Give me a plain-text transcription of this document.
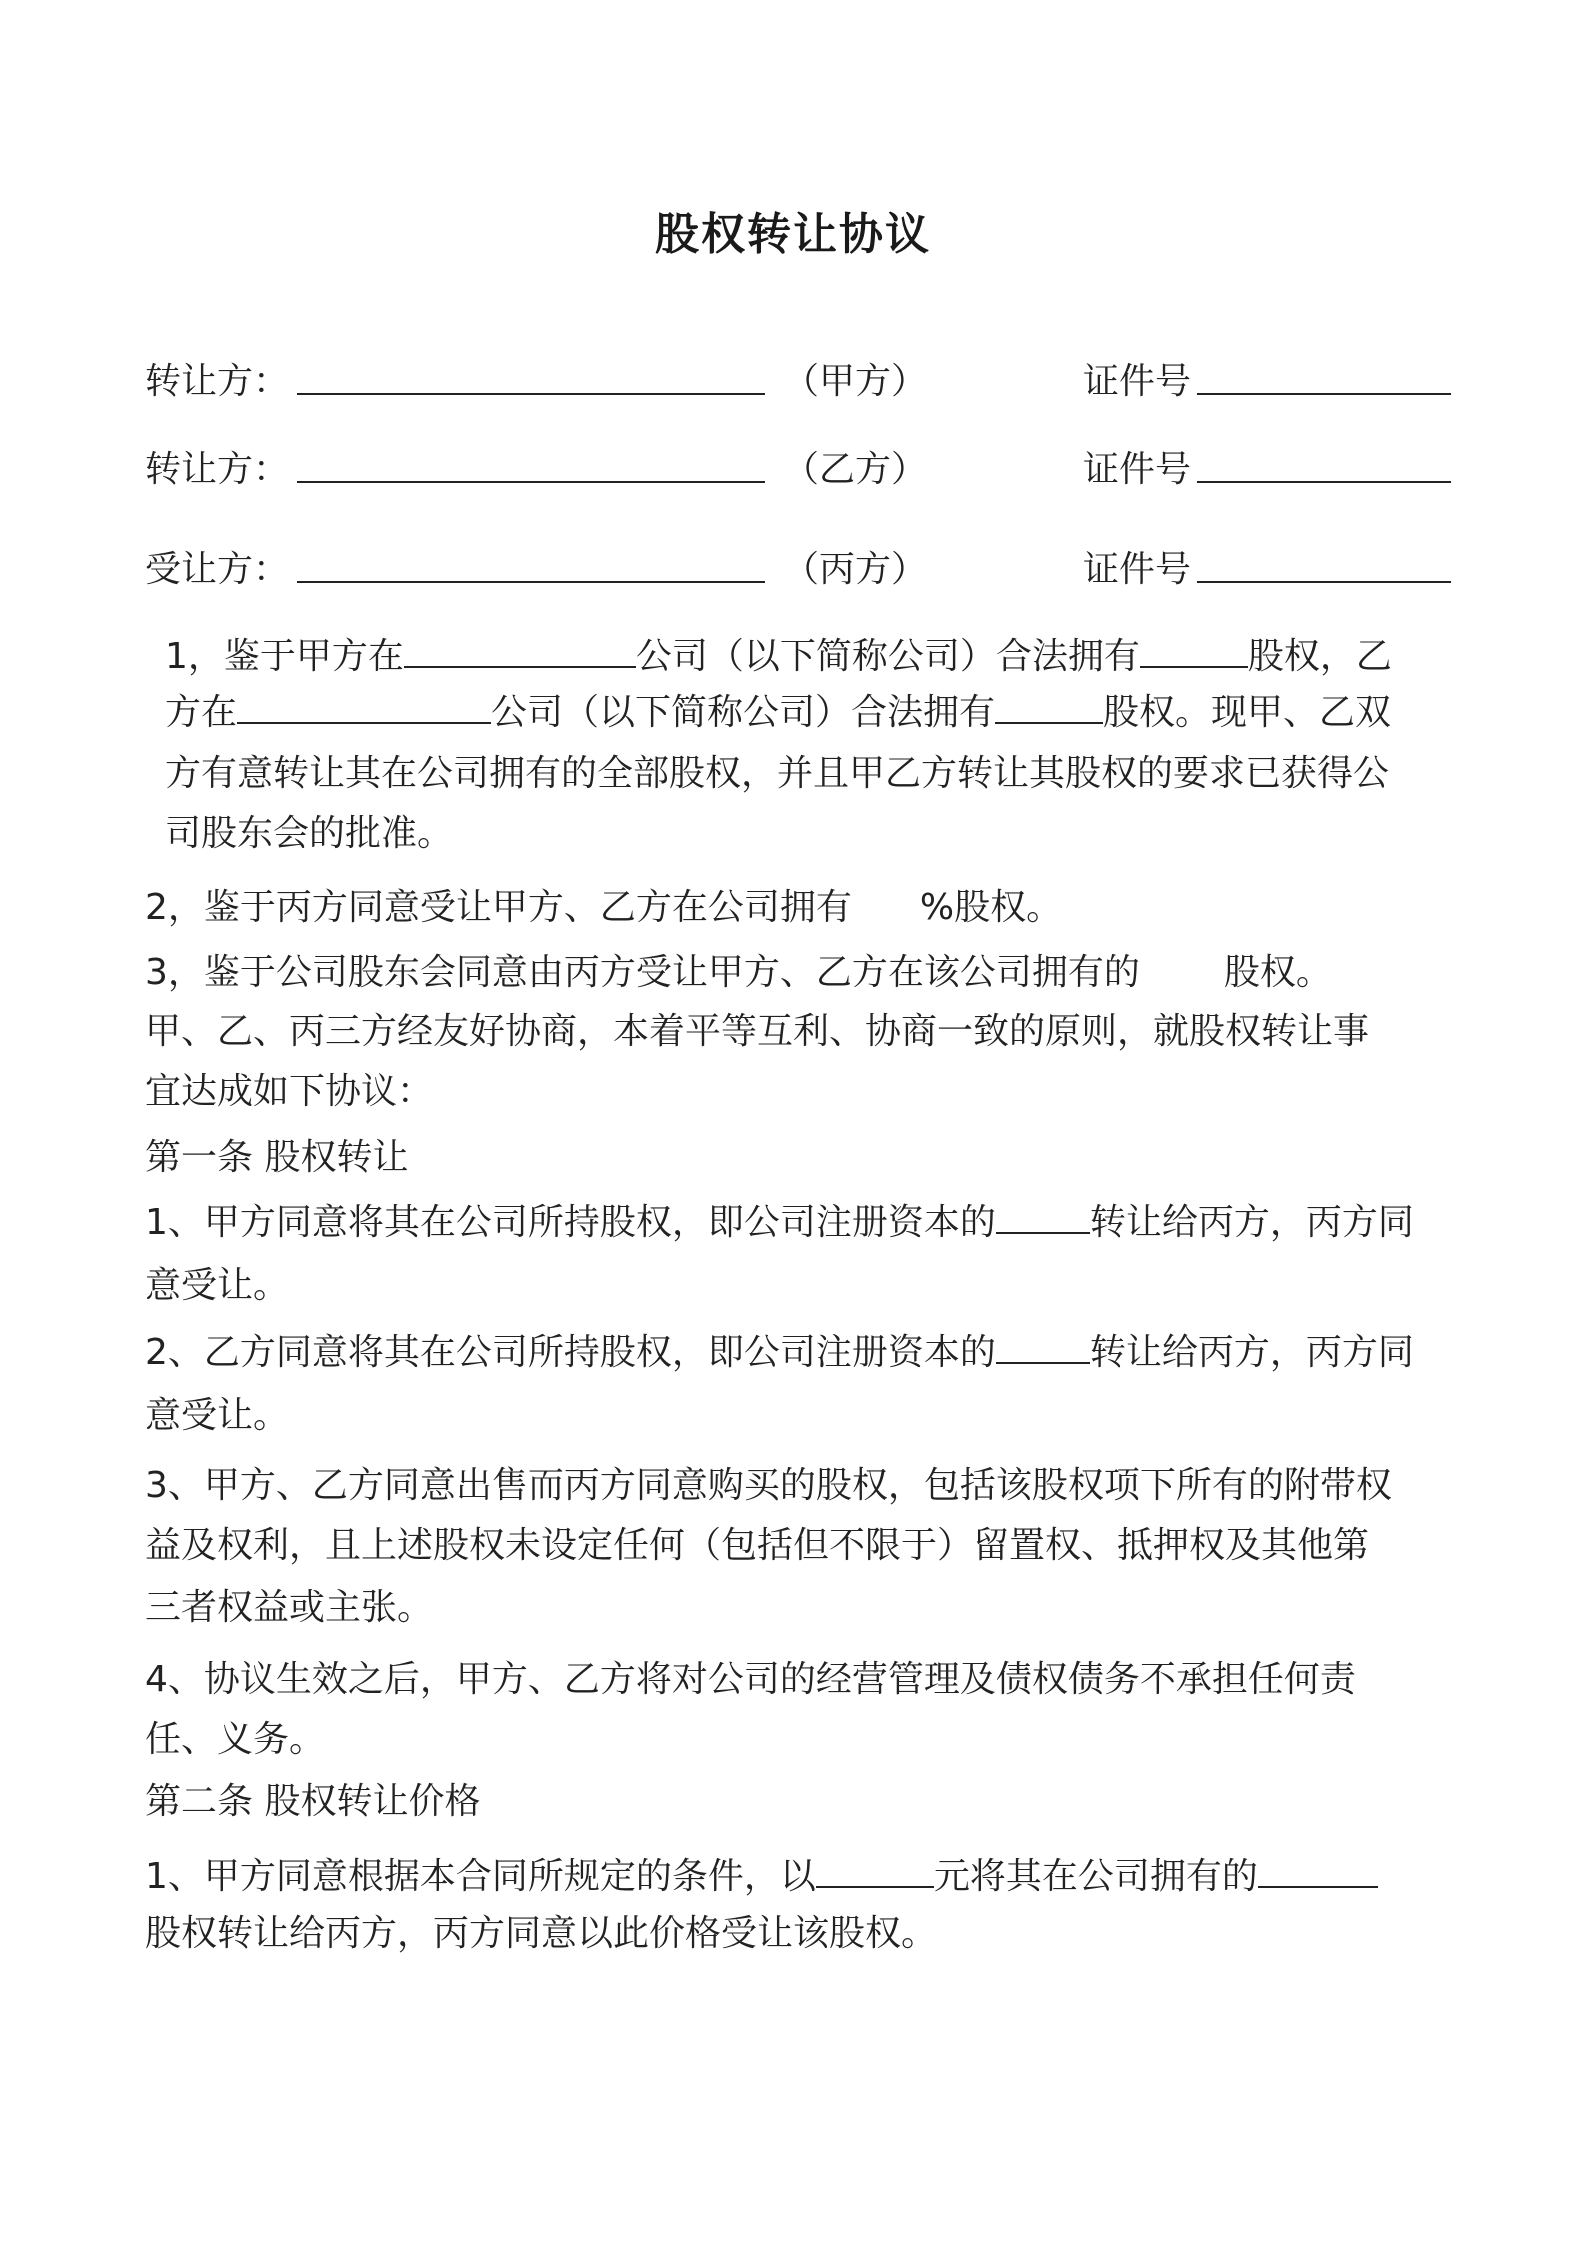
股权转让协议
转让方：	（甲方）	证件号
转让方：	（乙方）	证件号
受让方：	（丙方）	证件号
1，鉴于甲方在	公司（以下简称公司）合法拥有	股权，乙
方在	公司（以下简称公司）合法拥有	股权。现甲、乙双
方有意转让其在公司拥有的全部股权，并且甲乙方转让其股权的要求已获得公
司股东会的批准。
2，鉴于丙方同意受让甲方、乙方在公司拥有 %股权。
3，鉴于公司股东会同意由丙方受让甲方、乙方在该公司拥有的 股权。
甲、乙、丙三方经友好协商，本着平等互利、协商一致的原则，就股权转让事
宜达成如下协议：
第一条 股权转让
1、甲方同意将其在公司所持股权，即公司注册资本的	转让给丙方，丙方同
意受让。
2、乙方同意将其在公司所持股权，即公司注册资本的	转让给丙方，丙方同
意受让。
3、甲方、乙方同意出售而丙方同意购买的股权，包括该股权项下所有的附带权
益及权利，且上述股权未设定任何（包括但不限于）留置权、抵押权及其他第
三者权益或主张。
4、协议生效之后，甲方、乙方将对公司的经营管理及债权债务不承担任何责
任、义务。
第二条 股权转让价格
1、甲方同意根据本合同所规定的条件，以	元将其在公司拥有的
股权转让给丙方，丙方同意以此价格受让该股权。
